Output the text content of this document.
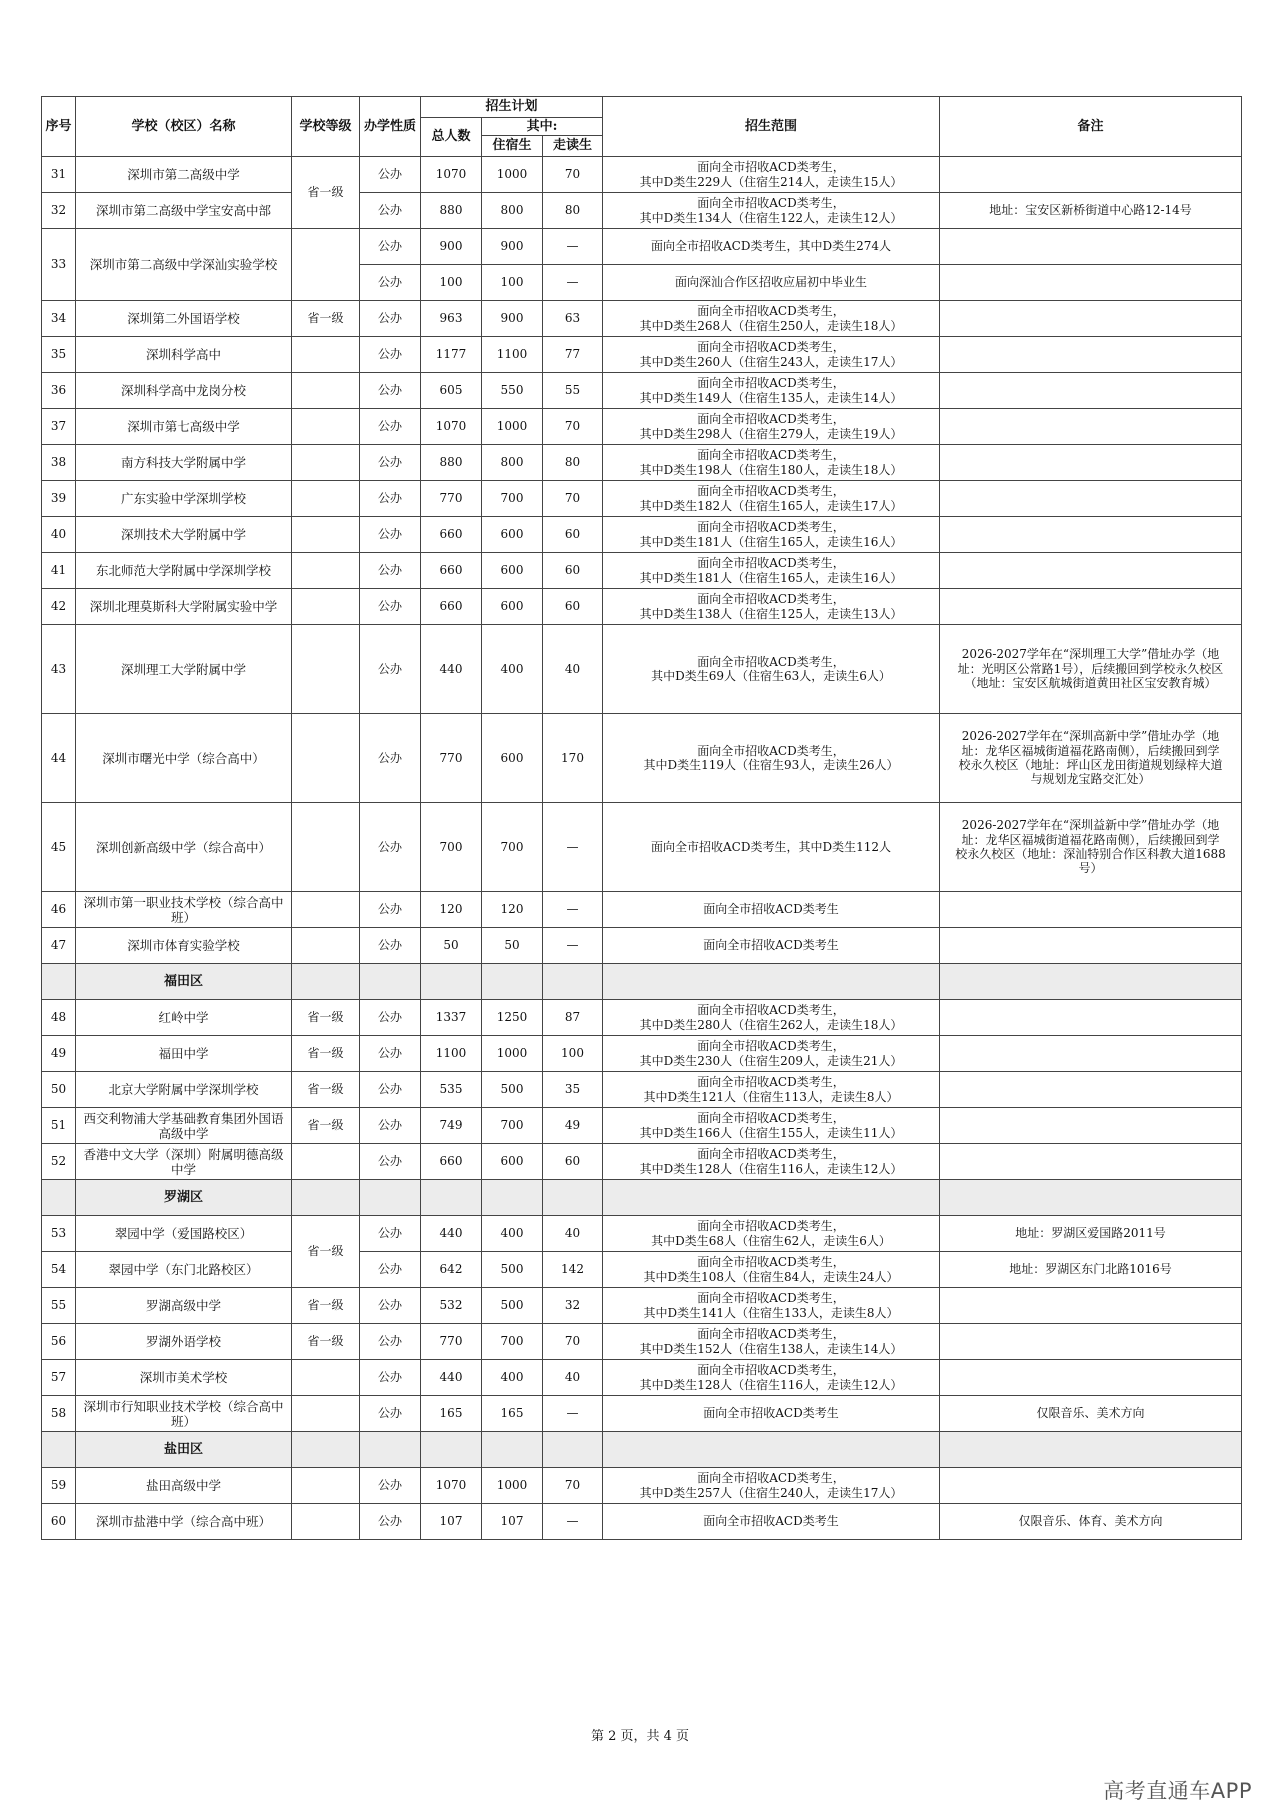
序号	学校（校区）名称	学校等级	办学性质	招生计划			招生范围	备注
				总人数	其中:			
					住宿生	走读生		
31	深圳市第二高级中学	省一级	公办	1070	1000	70	面向全市招收ACD类考生，
其中D类生229人（住宿生214人，走读生15人）	
32	深圳市第二高级中学宝安高中部		公办	880	800	80	面向全市招收ACD类考生，
其中D类生134人（住宿生122人，走读生12人）	地址：宝安区新桥街道中心路12-14号
33	深圳市第二高级中学深汕实验学校		公办	900	900	—	面向全市招收ACD类考生，其中D类生274人	
			公办	100	100	—	面向深汕合作区招收应届初中毕业生	
34	深圳第二外国语学校	省一级	公办	963	900	63	面向全市招收ACD类考生，
其中D类生268人（住宿生250人，走读生18人）	
35	深圳科学高中		公办	1177	1100	77	面向全市招收ACD类考生，
其中D类生260人（住宿生243人，走读生17人）	
36	深圳科学高中龙岗分校		公办	605	550	55	面向全市招收ACD类考生，
其中D类生149人（住宿生135人，走读生14人）	
37	深圳市第七高级中学		公办	1070	1000	70	面向全市招收ACD类考生，
其中D类生298人（住宿生279人，走读生19人）	
38	南方科技大学附属中学		公办	880	800	80	面向全市招收ACD类考生，
其中D类生198人（住宿生180人，走读生18人）	
39	广东实验中学深圳学校		公办	770	700	70	面向全市招收ACD类考生，
其中D类生182人（住宿生165人，走读生17人）	
40	深圳技术大学附属中学		公办	660	600	60	面向全市招收ACD类考生，
其中D类生181人（住宿生165人，走读生16人）	
41	东北师范大学附属中学深圳学校		公办	660	600	60	面向全市招收ACD类考生，
其中D类生181人（住宿生165人，走读生16人）	
42	深圳北理莫斯科大学附属实验中学		公办	660	600	60	面向全市招收ACD类考生，
其中D类生138人（住宿生125人，走读生13人）	
43	深圳理工大学附属中学		公办	440	400	40	面向全市招收ACD类考生，
其中D类生69人（住宿生63人，走读生6人）	2026-2027学年在“深圳理工大学”借址办学（地
址：光明区公常路1号），后续搬回到学校永久校区
（地址：宝安区航城街道黄田社区宝安教育城）
44	深圳市曙光中学（综合高中）		公办	770	600	170	面向全市招收ACD类考生，
其中D类生119人（住宿生93人，走读生26人）	2026-2027学年在“深圳高新中学”借址办学（地
址：龙华区福城街道福花路南侧），后续搬回到学
校永久校区（地址：坪山区龙田街道规划绿梓大道
与规划龙宝路交汇处）
45	深圳创新高级中学（综合高中）		公办	700	700	—	面向全市招收ACD类考生，其中D类生112人	2026-2027学年在“深圳益新中学”借址办学（地
址：龙华区福城街道福花路南侧），后续搬回到学
校永久校区（地址：深汕特别合作区科教大道1688
号）
46	深圳市第一职业技术学校（综合高中班）		公办	120	120	—	面向全市招收ACD类考生	
47	深圳市体育实验学校		公办	50	50	—	面向全市招收ACD类考生	
	福田区							
48	红岭中学	省一级	公办	1337	1250	87	面向全市招收ACD类考生，
其中D类生280人（住宿生262人，走读生18人）	
49	福田中学	省一级	公办	1100	1000	100	面向全市招收ACD类考生，
其中D类生230人（住宿生209人，走读生21人）	
50	北京大学附属中学深圳学校	省一级	公办	535	500	35	面向全市招收ACD类考生，
其中D类生121人（住宿生113人，走读生8人）	
51	西交利物浦大学基础教育集团外国语高级中学	省一级	公办	749	700	49	面向全市招收ACD类考生，
其中D类生166人（住宿生155人，走读生11人）	
52	香港中文大学（深圳）附属明德高级中学		公办	660	600	60	面向全市招收ACD类考生，
其中D类生128人（住宿生116人，走读生12人）	
	罗湖区							
53	翠园中学（爱国路校区）	省一级	公办	440	400	40	面向全市招收ACD类考生，
其中D类生68人（住宿生62人，走读生6人）	地址：罗湖区爱国路2011号
54	翠园中学（东门北路校区）		公办	642	500	142	面向全市招收ACD类考生，
其中D类生108人（住宿生84人，走读生24人）	地址：罗湖区东门北路1016号
55	罗湖高级中学	省一级	公办	532	500	32	面向全市招收ACD类考生，
其中D类生141人（住宿生133人，走读生8人）	
56	罗湖外语学校	省一级	公办	770	700	70	面向全市招收ACD类考生，
其中D类生152人（住宿生138人，走读生14人）	
57	深圳市美术学校		公办	440	400	40	面向全市招收ACD类考生，
其中D类生128人（住宿生116人，走读生12人）	
58	深圳市行知职业技术学校（综合高中班）		公办	165	165	—	面向全市招收ACD类考生	仅限音乐、美术方向
	盐田区							
59	盐田高级中学		公办	1070	1000	70	面向全市招收ACD类考生，
其中D类生257人（住宿生240人，走读生17人）	
60	深圳市盐港中学（综合高中班）		公办	107	107	—	面向全市招收ACD类考生	仅限音乐、体育、美术方向
第 2 页，共 4 页
高考直通车APP
